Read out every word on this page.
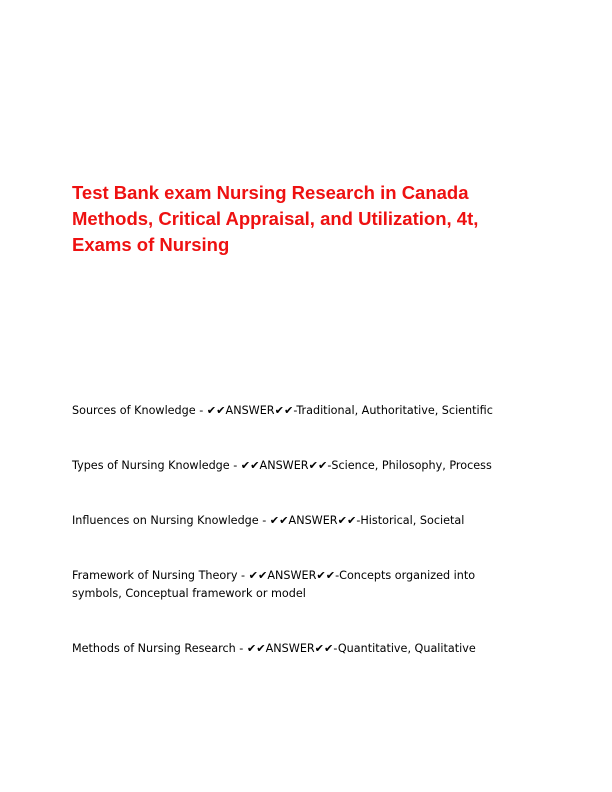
Test Bank exam Nursing Research in Canada
Methods, Critical Appraisal, and Utilization, 4t,
Exams of Nursing

Sources of Knowledge - ✔✔ANSWER✔✔-Traditional, Authoritative, Scientific

Types of Nursing Knowledge - ✔✔ANSWER✔✔-Science, Philosophy, Process

Influences on Nursing Knowledge - ✔✔ANSWER✔✔-Historical, Societal

Framework of Nursing Theory - ✔✔ANSWER✔✔-Concepts organized into
symbols, Conceptual framework or model

Methods of Nursing Research - ✔✔ANSWER✔✔-Quantitative, Qualitative
